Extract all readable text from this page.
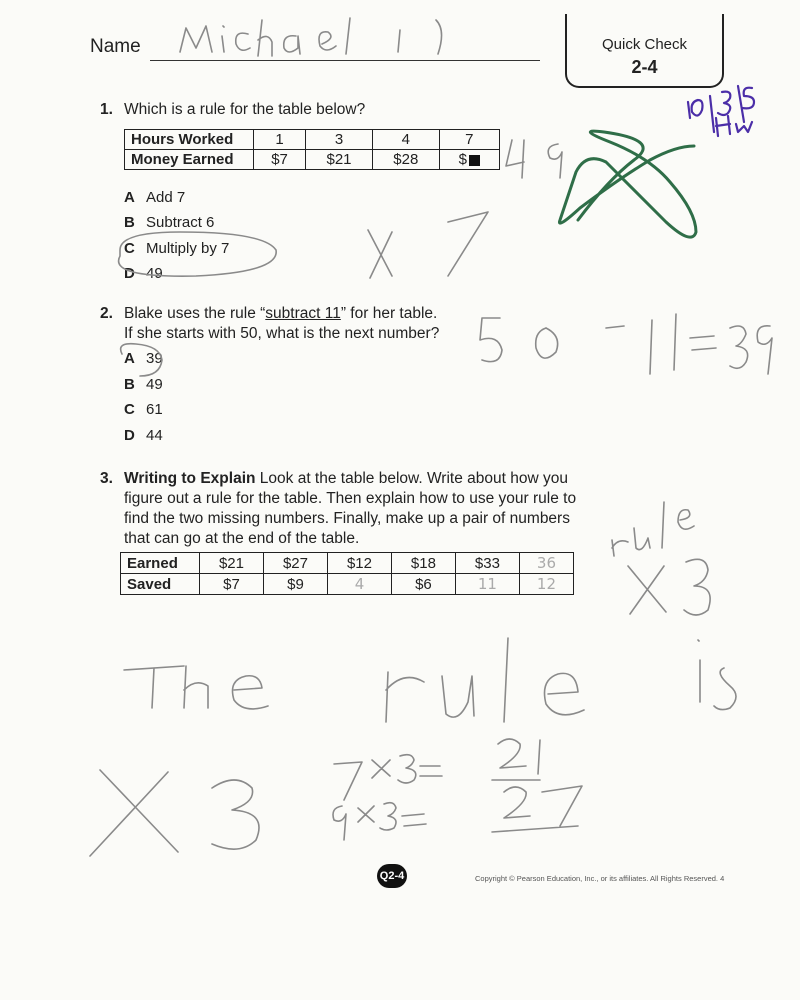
Name	Quick Check
2-4
1. Which is a rule for the table below?
Hours Worked	1	3	4	7
Money Earned	$7	$21	$28	$
A Add 7
B Subtract 6
C Multiply by 7
D 49
2. Blake uses the rule “subtract 11” for her table.
If she starts with 50, what is the next number?
A 39
B 49
C 61
D 44
3. Writing to Explain Look at the table below. Write about how you figure out a rule for the table. Then explain how to use your rule to find the two missing numbers. Finally, make up a pair of numbers that can go at the end of the table.
Earned	$21	$27	$12	$18	$33	36
Saved	$7	$9	4	$6	11	12
Q2-4	Copyright © Pearson Education, Inc., or its affiliates. All Rights Reserved. 4
